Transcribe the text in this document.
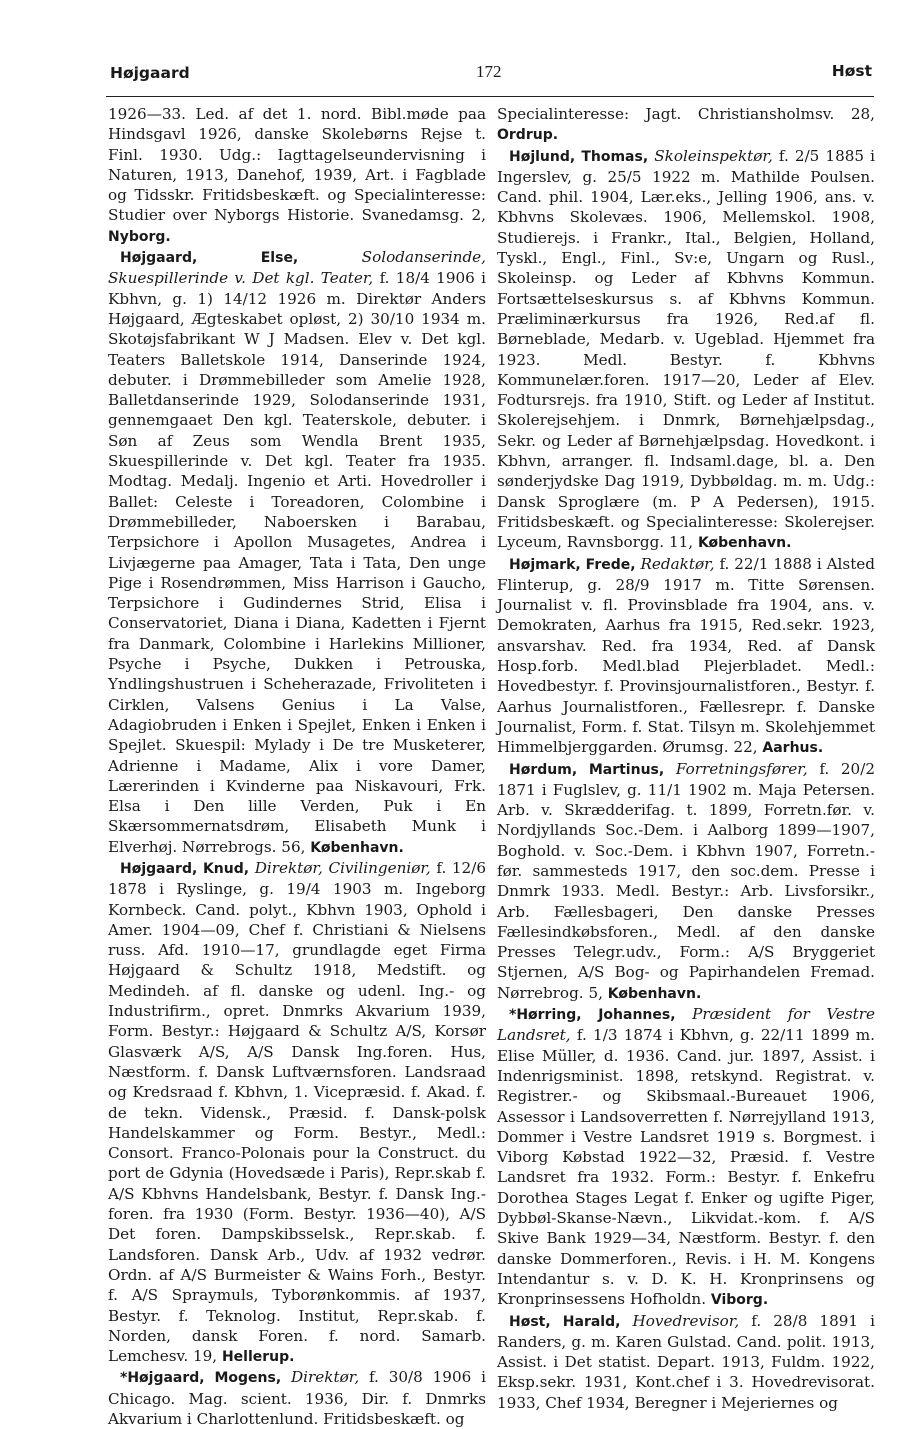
Højgaard	172	Høst

1926—33. Led. af det 1. nord. Bibl.møde paa Hindsgavl 1926, danske Skolebørns Rejse t. Finl. 1930. Udg.: Iagttagelseundervisning i Naturen, 1913, Danehof, 1939, Art. i Fagblade og Tidsskr. Fritidsbeskæft. og Specialinteresse: Studier over Nyborgs Historie. Svanedamsg. 2, Nyborg.

Højgaard, Else,	Solodanserinde, Skuespillerinde v. Det kgl. Teater, f. 18/4 1906 i Kbhvn, g. 1) 14/12 1926 m. Direktør Anders Højgaard, Ægteskabet opløst, 2) 30/10 1934 m. Skotøjsfabrikant W J Madsen. Elev v. Det kgl. Teaters Balletskole 1914, Danserinde 1924, debuter. i Drømmebilleder som Amelie 1928, Balletdanserinde 1929, Solodanserinde 1931, gennemgaaet Den kgl. Teaterskole, debuter. i Søn af Zeus som Wendla Brent 1935, Skuespillerinde v. Det kgl. Teater fra 1935. Modtag. Medalj. Ingenio et Arti. Hovedroller i Ballet: Celeste i Toreadoren, Colombine i Drømmebilleder, Naboersken i Barabau, Terpsichore i Apollon Musagetes, Andrea i Livjægerne paa Amager, Tata i Tata, Den unge Pige i Rosendrømmen, Miss Harrison i Gaucho, Terpsichore i Gudindernes Strid, Elisa i Conservatoriet, Diana i Diana, Kadetten i Fjernt fra Danmark, Colombine i Harlekins Millioner, Psyche i Psyche, Dukken i Petrouska, Yndlingshustruen i Scheherazade, Frivoliteten i Cirklen, Valsens Genius i La Valse, Adagiobruden i Enken i Spejlet, Enken i Enken i Spejlet. Skuespil: Mylady i De tre Musketerer, Adrienne i Madame, Alix i vore Damer, Lærerinden i Kvinderne paa Niskavouri, Frk. Elsa i Den lille Verden, Puk i En Skærsommernatsdrøm, Elisabeth Munk i Elverhøj. Nørrebrogs. 56, København.

Højgaard, Knud, Direktør, Civilingeniør, f. 12/6 1878 i Ryslinge, g. 19/4 1903 m. Ingeborg Kornbeck. Cand. polyt., Kbhvn 1903, Ophold i Amer. 1904—09, Chef f. Christiani & Nielsens russ. Afd. 1910—17, grundlagde eget Firma Højgaard & Schultz 1918, Medstift. og Medindeh. af fl. danske og udenl. Ing.- og Industrifirm., opret. Dnmrks Akvarium 1939, Form. Bestyr.: Højgaard & Schultz A/S, Korsør Glasværk A/S, A/S Dansk Ing.foren. Hus, Næstform. f. Dansk Luftværnsforen. Landsraad og Kredsraad f. Kbhvn, 1. Vicepræsid. f. Akad. f. de tekn. Vidensk., Præsid. f. Dansk-polsk Handelskammer og Form. Bestyr., Medl.: Consort. Franco-Polonais pour la Construct. du port de Gdynia (Hovedsæde i Paris), Repr.skab f. A/S Kbhvns Handelsbank, Bestyr. f. Dansk Ing.-foren. fra 1930 (Form. Bestyr. 1936—40), A/S Det foren. Dampskibsselsk., Repr.skab. f. Landsforen. Dansk Arb., Udv. af 1932 vedrør. Ordn. af A/S Burmeister & Wains Forh., Bestyr. f. A/S Spraymuls, Tyborønkommis. af 1937, Bestyr. f. Teknolog. Institut, Repr.skab. f. Norden, dansk Foren. f. nord. Samarb. Lemchesv. 19, Hellerup.

*Højgaard, Mogens, Direktør, f. 30/8 1906 i Chicago. Mag. scient. 1936, Dir. f. Dnmrks Akvarium i Charlottenlund. Fritidsbeskæft. og

Specialinteresse: Jagt. Christiansholmsv. 28, Ordrup.

Højlund, Thomas, Skoleinspektør, f. 2/5 1885 i Ingerslev, g. 25/5 1922 m. Mathilde Poulsen. Cand. phil. 1904, Lær.eks., Jelling 1906, ans. v. Kbhvns Skolevæs. 1906, Mellemskol. 1908, Studierejs. i Frankr., Ital., Belgien, Holland, Tyskl., Engl., Finl., Sv:e, Ungarn og Rusl., Skoleinsp. og Leder af Kbhvns Kommun. Fortsættelseskursus s. af Kbhvns Kommun. Præliminærkursus fra 1926, Red.af fl. Børneblade, Medarb. v. Ugeblad. Hjemmet fra 1923. Medl. Bestyr. f. Kbhvns Kommunelær.foren. 1917—20, Leder af Elev. Fodtursrejs. fra 1910, Stift. og Leder af Institut. Skolerejsehjem. i Dnmrk, Børnehjælpsdag., Sekr. og Leder af Børnehjælpsdag. Hovedkont. i Kbhvn, arranger. fl. Indsaml.dage, bl. a. Den sønderjydske Dag 1919, Dybbøldag. m. m. Udg.: Dansk Sproglære (m. P A Pedersen), 1915. Fritidsbeskæft. og Specialinteresse: Skolerejser. Lyceum, Ravnsborgg. 11, København.

Højmark, Frede, Redaktør, f. 22/1 1888 i Alsted Flinterup, g. 28/9 1917 m. Titte Sørensen. Journalist v. fl. Provinsblade fra 1904, ans. v. Demokraten, Aarhus fra 1915, Red.sekr. 1923, ansvarshav. Red. fra 1934, Red. af Dansk Hosp.forb. Medl.blad Plejerbladet. Medl.: Hovedbestyr. f. Provinsjournalistforen., Bestyr. f. Aarhus Journalistforen., Fællesrepr. f. Danske Journalist, Form. f. Stat. Tilsyn m. Skolehjemmet Himmelbjerggarden. Ørumsg. 22, Aarhus.

Hørdum, Martinus, Forretningsfører, f. 20/2 1871 i Fuglslev, g. 11/1 1902 m. Maja Petersen. Arb. v. Skrædderifag. t. 1899, Forretn.før. v. Nordjyllands Soc.-Dem. i Aalborg 1899—1907, Boghold. v. Soc.-Dem. i Kbhvn 1907, Forretn.-før. sammesteds 1917, den soc.dem. Presse i Dnmrk 1933. Medl. Bestyr.: Arb. Livsforsikr., Arb. Fællesbageri, Den danske Presses Fællesindkøbsforen., Medl. af den danske Presses Telegr.udv., Form.: A/S Bryggeriet Stjernen, A/S Bog- og Papirhandelen Fremad. Nørrebrog. 5, København.

*Hørring, Johannes, Præsident for Vestre Landsret, f. 1/3 1874 i Kbhvn, g. 22/11 1899 m. Elise Müller, d. 1936. Cand. jur. 1897, Assist. i Indenrigsminist. 1898, retskynd. Registrat. v. Registrer.- og Skibsmaal.-Bureauet 1906, Assessor i Landsoverretten f. Nørrejylland 1913, Dommer i Vestre Landsret 1919 s. Borgmest. i Viborg Købstad 1922—32, Præsid. f. Vestre Landsret fra 1932. Form.: Bestyr. f. Enkefru Dorothea Stages Legat f. Enker og ugifte Piger, Dybbøl-Skanse-Nævn., Likvidat.-kom. f. A/S Skive Bank 1929—34, Næstform. Bestyr. f. den danske Dommerforen., Revis. i H. M. Kongens Intendantur s. v. D. K. H. Kronprinsens og Kronprinsessens Hofholdn. Viborg.

Høst, Harald, Hovedrevisor, f. 28/8 1891 i Randers, g. m. Karen Gulstad. Cand. polit. 1913, Assist. i Det statist. Depart. 1913, Fuldm. 1922, Eksp.sekr. 1931, Kont.chef i 3. Hovedrevisorat. 1933, Chef 1934, Beregner i Mejeriernes og
